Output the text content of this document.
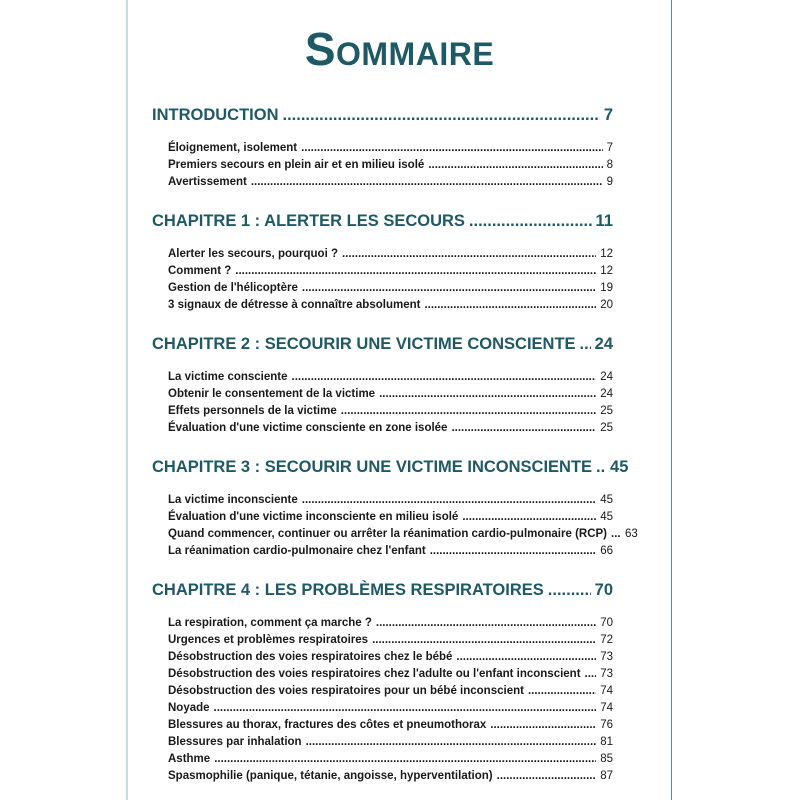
Sommaire
INTRODUCTION .....	7
Éloignement, isolement .....	7
Premiers secours en plein air et en milieu isolé .....	8
Avertissement .....	9
CHAPITRE 1 : ALERTER LES SECOURS .....	11
Alerter les secours, pourquoi ? .....	12
Comment ? .....	12
Gestion de l'hélicoptère .....	19
3 signaux de détresse à connaître absolument .....	20
CHAPITRE 2 : SECOURIR UNE VICTIME CONSCIENTE ..... 24
La victime consciente .....	24
Obtenir le consentement de la victime .....	24
Effets personnels de la victime .....	25
Évaluation d'une victime consciente en zone isolée .....	25
CHAPITRE 3 : SECOURIR UNE VICTIME INCONSCIENTE ..... 45
La victime inconsciente .....	45
Évaluation d'une victime inconsciente en milieu isolé .....	45
Quand commencer, continuer ou arrêter la réanimation cardio-pulmonaire (RCP) ..... 63
La réanimation cardio-pulmonaire chez l'enfant .....	66
CHAPITRE 4 : LES PROBLÈMES RESPIRATOIRES .....	70
La respiration, comment ça marche ? .....	70
Urgences et problèmes respiratoires .....	72
Désobstruction des voies respiratoires chez le bébé .....	73
Désobstruction des voies respiratoires chez l'adulte ou l'enfant inconscient ..... 73
Désobstruction des voies respiratoires pour un bébé inconscient .....	74
Noyade .....	74
Blessures au thorax, fractures des côtes et pneumothorax .....	76
Blessures par inhalation .....	81
Asthme .....	85
Spasmophilie (panique, tétanie, angoisse, hyperventilation) .....	87
